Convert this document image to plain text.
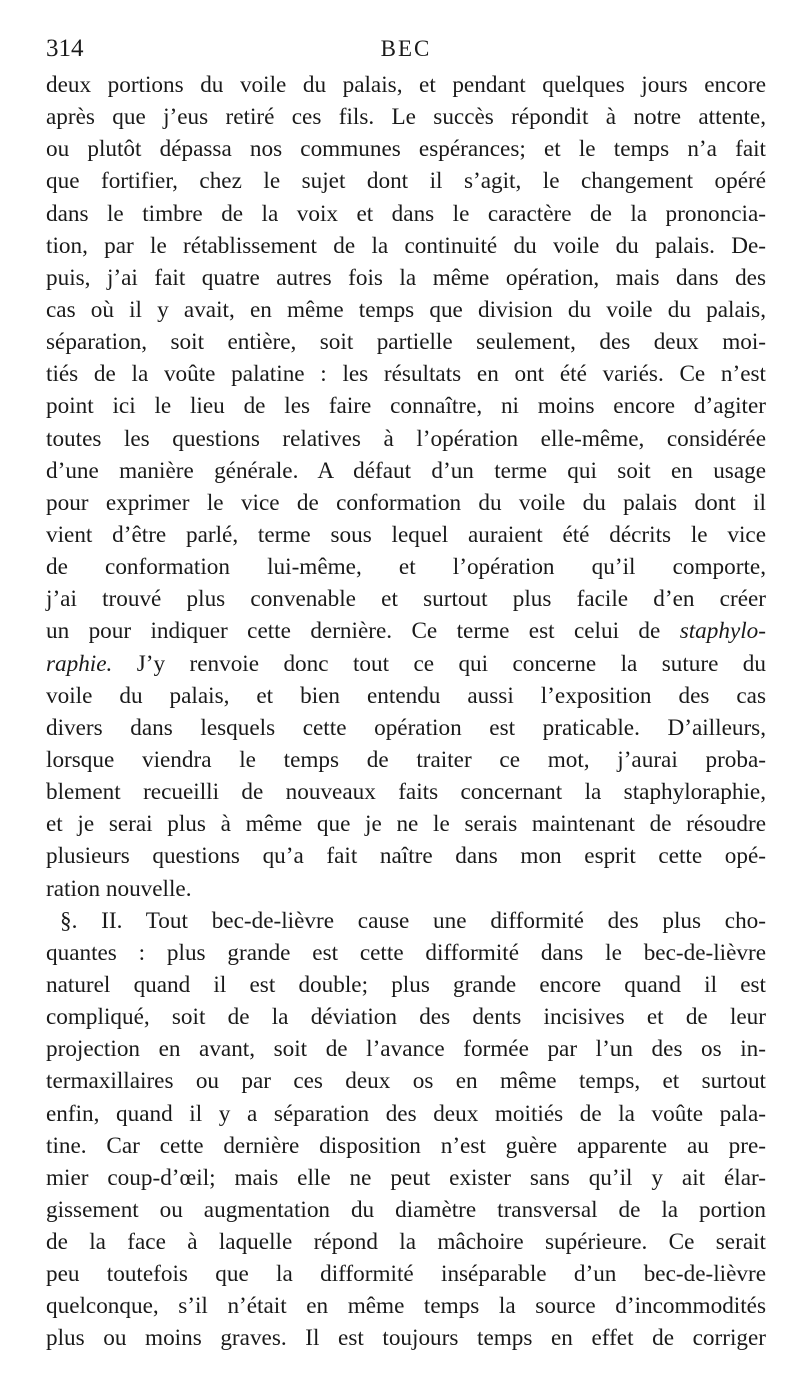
314	BEC
deux portions du voile du palais, et pendant quelques jours encore
après que j’eus retiré ces fils. Le succès répondit à notre attente,
ou plutôt dépassa nos communes espérances; et le temps n’a fait
que fortifier, chez le sujet dont il s’agit, le changement opéré
dans le timbre de la voix et dans le caractère de la prononcia-
tion, par le rétablissement de la continuité du voile du palais. De-
puis, j’ai fait quatre autres fois la même opération, mais dans des
cas où il y avait, en même temps que division du voile du palais,
séparation, soit entière, soit partielle seulement, des deux moi-
tiés de la voûte palatine : les résultats en ont été variés. Ce n’est
point ici le lieu de les faire connaître, ni moins encore d’agiter
toutes les questions relatives à l’opération elle-même, considérée
d’une manière générale. A défaut d’un terme qui soit en usage
pour exprimer le vice de conformation du voile du palais dont il
vient d’être parlé, terme sous lequel auraient été décrits le vice
de conformation lui-même, et l’opération qu’il comporte,
j’ai trouvé plus convenable et surtout plus facile d’en créer
un pour indiquer cette dernière. Ce terme est celui de staphylo-
raphie. J’y renvoie donc tout ce qui concerne la suture du
voile du palais, et bien entendu aussi l’exposition des cas
divers dans lesquels cette opération est praticable. D’ailleurs,
lorsque viendra le temps de traiter ce mot, j’aurai proba-
blement recueilli de nouveaux faits concernant la staphyloraphie,
et je serai plus à même que je ne le serais maintenant de résoudre
plusieurs questions qu’a fait naître dans mon esprit cette opé-
ration nouvelle.
§. II. Tout bec-de-lièvre cause une difformité des plus cho-
quantes : plus grande est cette difformité dans le bec-de-lièvre
naturel quand il est double; plus grande encore quand il est
compliqué, soit de la déviation des dents incisives et de leur
projection en avant, soit de l’avance formée par l’un des os in-
termaxillaires ou par ces deux os en même temps, et surtout
enfin, quand il y a séparation des deux moitiés de la voûte pala-
tine. Car cette dernière disposition n’est guère apparente au pre-
mier coup-d’œil; mais elle ne peut exister sans qu’il y ait élar-
gissement ou augmentation du diamètre transversal de la portion
de la face à laquelle répond la mâchoire supérieure. Ce serait
peu toutefois que la difformité inséparable d’un bec-de-lièvre
quelconque, s’il n’était en même temps la source d’incommodités
plus ou moins graves. Il est toujours temps en effet de corriger
